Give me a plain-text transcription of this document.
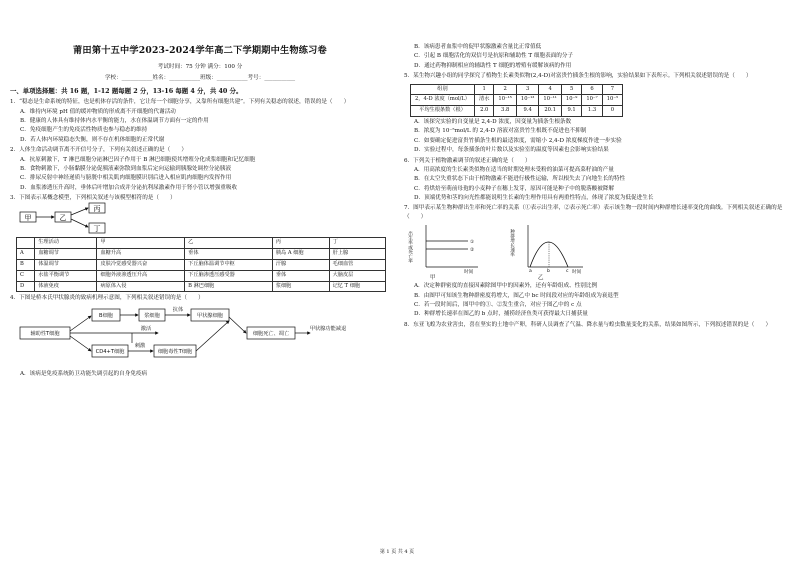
莆田第十五中学2023-2024学年高二下学期期中生物练习卷
考试时间：75 分钟 满分：100 分
学校：___________姓名：___________班级：___________考号：___________
一、单项选择题：共 16 题，1-12 题每题 2 分，13-16 每题 4 分，共 40 分。
1．“稳态是生命系统的特征，也是机体存活的条件，它让每一个细胞分享，又靠所有细胞共建”。下列有关稳态的叙述，错误的是（　　）
A．维持内环境 pH 值的缓冲物质的形成离不开细胞的代谢活动
B．健康的人体具有维持体内水平衡的能力，水在体温调节方面有一定的作用
C．免疫细胞产生的免疫活性物质也参与稳态的维持
D．若人体内环境稳态失衡，则不存在机体细胞的正常代谢
2．人体生命活动调节离不开信号分子，下列有关叙述正确的是（　　）
A．抗原刺激下，T 淋巴细胞分泌淋巴因子作用于 B 淋巴细胞使其增殖分化成浆细胞和记忆细胞
B．食物刺激下，小肠黏膜分泌促胰液素弥散到血浆后定向运输到胰腺处调控分泌胰液
C．排尿反射中神经递质与膀胱中相关肌肉细胞膜识别后进入相应肌肉细胞内发挥作用
D．血浆渗透压升高时，垂体后叶增加合成并分泌抗利尿激素作用于肾小管以增强重吸收
3．下图表示某概念模型，下列相关叙述与该模型相符的是（　　）
甲	乙
丙
丁
	生理活动	甲	乙	丙	丁
A	血糖调节	血糖升高	垂体	胰岛 A 细胞	肝上腺
B	体温调节	皮肤冷觉感受器兴奋	下丘脑体温调节中枢	汗腺	毛细血管
C	水盐平衡调节	细胞外液渗透压升高	下丘脑渗透压感受器	垂体	大脑皮层
D	体液免疫	病原体入侵	B 淋巴细胞	浆细胞	记忆 T 细胞
4．下图是桥本氏甲状腺炎的致病机理示意图，下列相关叙述错误的是（　　）
辅助性T细胞
B细胞	浆细胞
抗体
甲状腺细胞
CD4+T细胞
刺激
细胞毒性T细胞
激活
细胞死亡、凋亡
甲状腺功能减退
A．该病是免疫系统防卫功能失调引起的自身免疫病
B．该病患者血浆中的促甲状腺激素含量比正常值低
C．引起 B 细胞活化的双信号是抗原和辅助性 T 细胞表面的分子
D．通过药物抑制相应的辅助性 T 细胞的增殖有缓解该病的作用
5．某生物兴趣小组的同学探究了植物生长素类似物(2,4-D)对富贵竹插条生根的影响，实验结果如下表所示。下列相关叙述错误的是（　　）
组别	1	2	3	4	5	6	7
2，4-D 浓度（mol/L）	清水	10⁻¹⁵	10⁻¹³	10⁻¹¹	10⁻⁹	10⁻⁷	10⁻⁵
平均生根条数（根）	2.0	3.8	9.4	20.1	9.1	1.3	0
A．该探究实验的自变量是 2,4-D 浓度，因变量为插条生根条数
B．浓度为 10⁻⁵mol/L 的 2,4-D 溶液对富贵竹生根既不促进也不抑制
C．如要确定促进富贵竹插条生根的最适浓度，需缩小 2,4-D 浓度梯度作进一步实验
D．实验过程中，每条插条的叶片数以及实验室的温度等因素也会影响实验结果
6．下列关于植物激素调节的叙述正确的是（　　）
A．用高浓度的生长素类似物在适当的时期处理未受粉的油菜可提高菜籽油的产量
B．在太空失重状态下由于植物激素不能进行极性运输，所以根失去了向地生长的特性
C．将烘焙至萌前母孢的小麦种子在穗上发芽，原因可能是种子中的脱落酸被降解
D．顶端优势和茎的向光性都能说明生长素的生理作用具有两重性特点，体现了浓度为低促进生长
7．图甲表示某生物种群出生率和死亡率的关系（①表示出生率，②表示死亡率）表示该生物一段时间内种群增长速率变化的曲线。下列相关叙述正确的是（　　）
出生率或死亡率	①
②
时间
甲
种群增长速率
a	b	c 时间
乙
A．决定种群密度的直接因素除图甲中的因素外，还有年龄组成、性别比例
B．由图甲可知该生物种群密度将增大，图乙中 bc 时间段对应的年龄组成为衰退型
C．若一段时间后，图甲中的①、②发生重合，对应于图乙中的 c 点
D．种群增长速率在图乙的 b 点时，捕捞经济鱼类可获得最大日捕获量
8．东亚飞蝗为农业害虫，喜在坚实的土地中产卵，科研人员调查了气温、降水量与蝗虫数量变化的关系，结果如图所示，下列叙述错误的是（　　）
第 1 页 共 4 页
